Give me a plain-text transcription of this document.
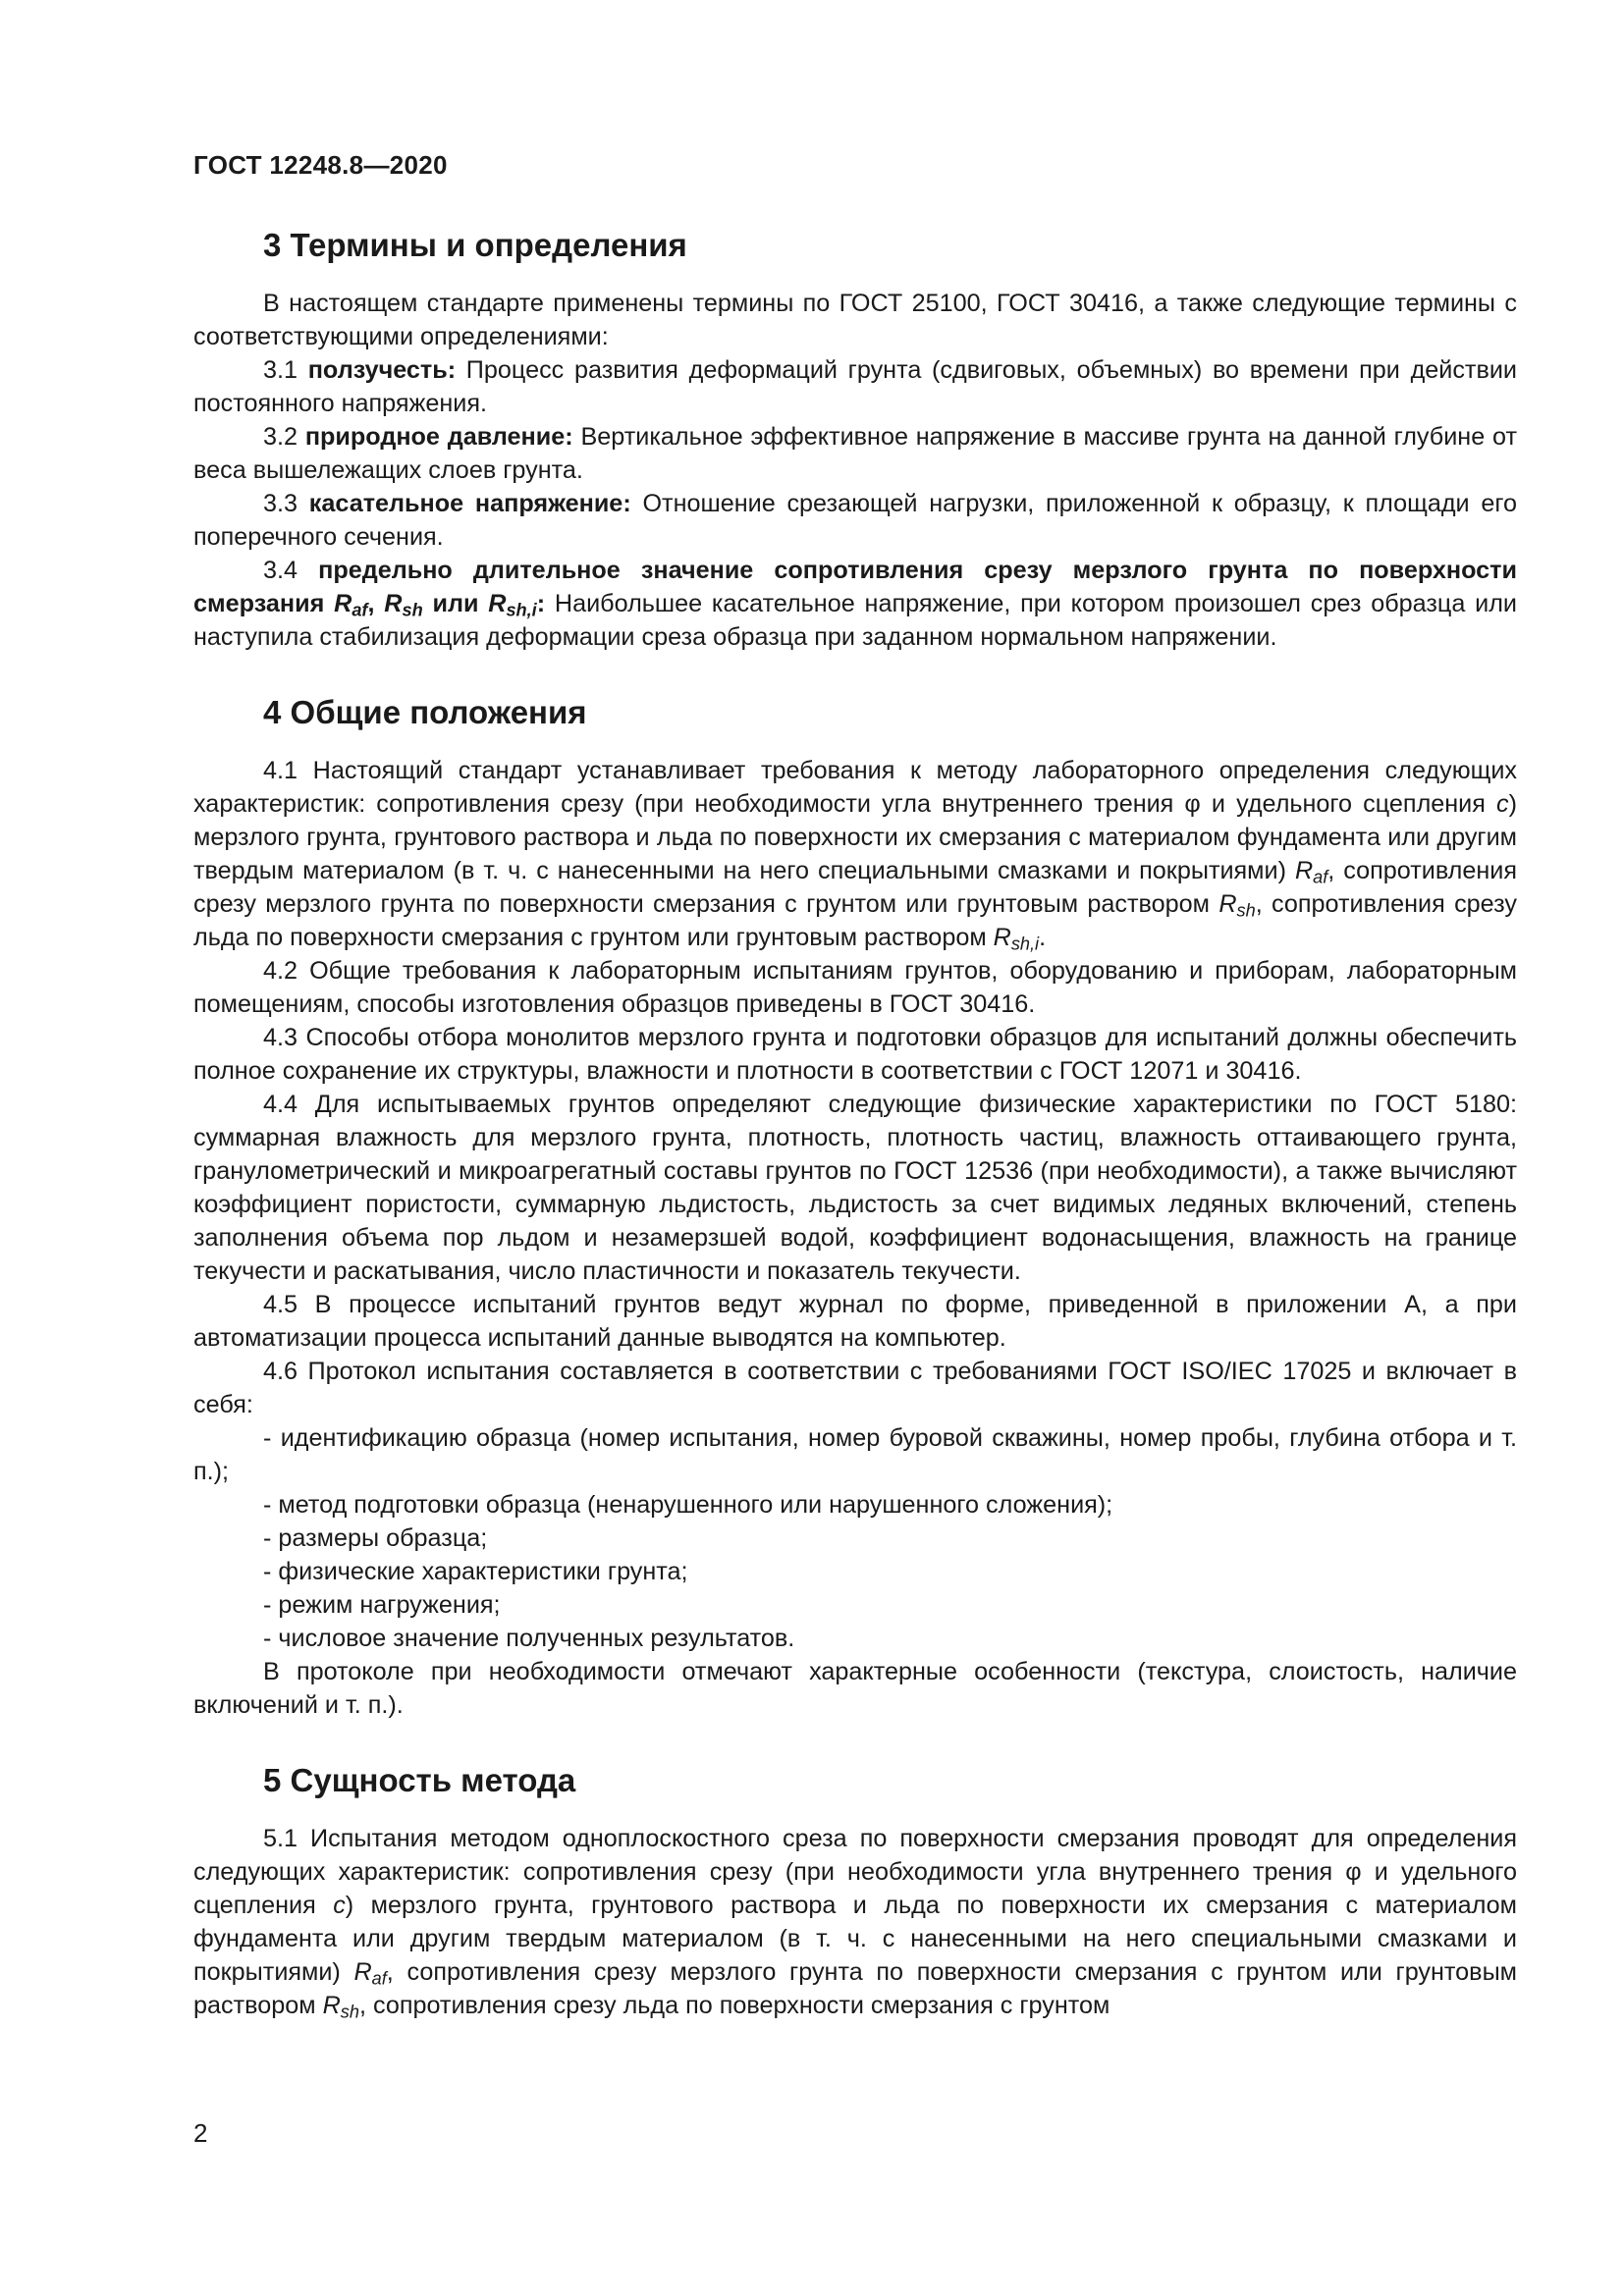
ГОСТ 12248.8—2020
3 Термины и определения

В настоящем стандарте применены термины по ГОСТ 25100, ГОСТ 30416, а также следующие термины с соответствующими определениями:

3.1 ползучесть: Процесс развития деформаций грунта (сдвиговых, объемных) во времени при действии постоянного напряжения.

3.2 природное давление: Вертикальное эффективное напряжение в массиве грунта на данной глубине от веса вышележащих слоев грунта.

3.3 касательное напряжение: Отношение срезающей нагрузки, приложенной к образцу, к площади его поперечного сечения.

3.4 предельно длительное значение сопротивления срезу мерзлого грунта по поверхности смерзания $R_{af}$, $R_{sh}$ или $R_{sh,i}$: Наибольшее касательное напряжение, при котором произошел срез образца или наступила стабилизация деформации среза образца при заданном нормальном напряжении.

4 Общие положения

4.1 Настоящий стандарт устанавливает требования к методу лабораторного определения следующих характеристик: сопротивления срезу (при необходимости угла внутреннего трения φ и удельного сцепления c) мерзлого грунта, грунтового раствора и льда по поверхности их смерзания с материалом фундамента или другим твердым материалом (в т. ч. с нанесенными на него специальными смазками и покрытиями) $R_{af}$, сопротивления срезу мерзлого грунта по поверхности смерзания с грунтом или грунтовым раствором $R_{sh}$, сопротивления срезу льда по поверхности смерзания с грунтом или грунтовым раствором $R_{sh,i}$.

4.2 Общие требования к лабораторным испытаниям грунтов, оборудованию и приборам, лабораторным помещениям, способы изготовления образцов приведены в ГОСТ 30416.

4.3 Способы отбора монолитов мерзлого грунта и подготовки образцов для испытаний должны обеспечить полное сохранение их структуры, влажности и плотности в соответствии с ГОСТ 12071 и 30416.

4.4 Для испытываемых грунтов определяют следующие физические характеристики по ГОСТ 5180: суммарная влажность для мерзлого грунта, плотность, плотность частиц, влажность оттаивающего грунта, гранулометрический и микроагрегатный составы грунтов по ГОСТ 12536 (при необходимости), а также вычисляют коэффициент пористости, суммарную льдистость, льдистость за счет видимых ледяных включений, степень заполнения объема пор льдом и незамерзшей водой, коэффициент водонасыщения, влажность на границе текучести и раскатывания, число пластичности и показатель текучести.

4.5 В процессе испытаний грунтов ведут журнал по форме, приведенной в приложении А, а при автоматизации процесса испытаний данные выводятся на компьютер.

4.6 Протокол испытания составляется в соответствии с требованиями ГОСТ ISO/IEC 17025 и включает в себя:

- идентификацию образца (номер испытания, номер буровой скважины, номер пробы, глубина отбора и т. п.);

- метод подготовки образца (ненарушенного или нарушенного сложения);

- размеры образца;

- физические характеристики грунта;

- режим нагружения;

- числовое значение полученных результатов.

В протоколе при необходимости отмечают характерные особенности (текстура, слоистость, наличие включений и т. п.).

5 Сущность метода

5.1 Испытания методом одноплоскостного среза по поверхности смерзания проводят для определения следующих характеристик: сопротивления срезу (при необходимости угла внутреннего трения φ и удельного сцепления c) мерзлого грунта, грунтового раствора и льда по поверхности их смерзания с материалом фундамента или другим твердым материалом (в т. ч. с нанесенными на него специальными смазками и покрытиями) $R_{af}$, сопротивления срезу мерзлого грунта по поверхности смерзания с грунтом или грунтовым раствором $R_{sh}$, сопротивления срезу льда по поверхности смерзания с грунтом

2
